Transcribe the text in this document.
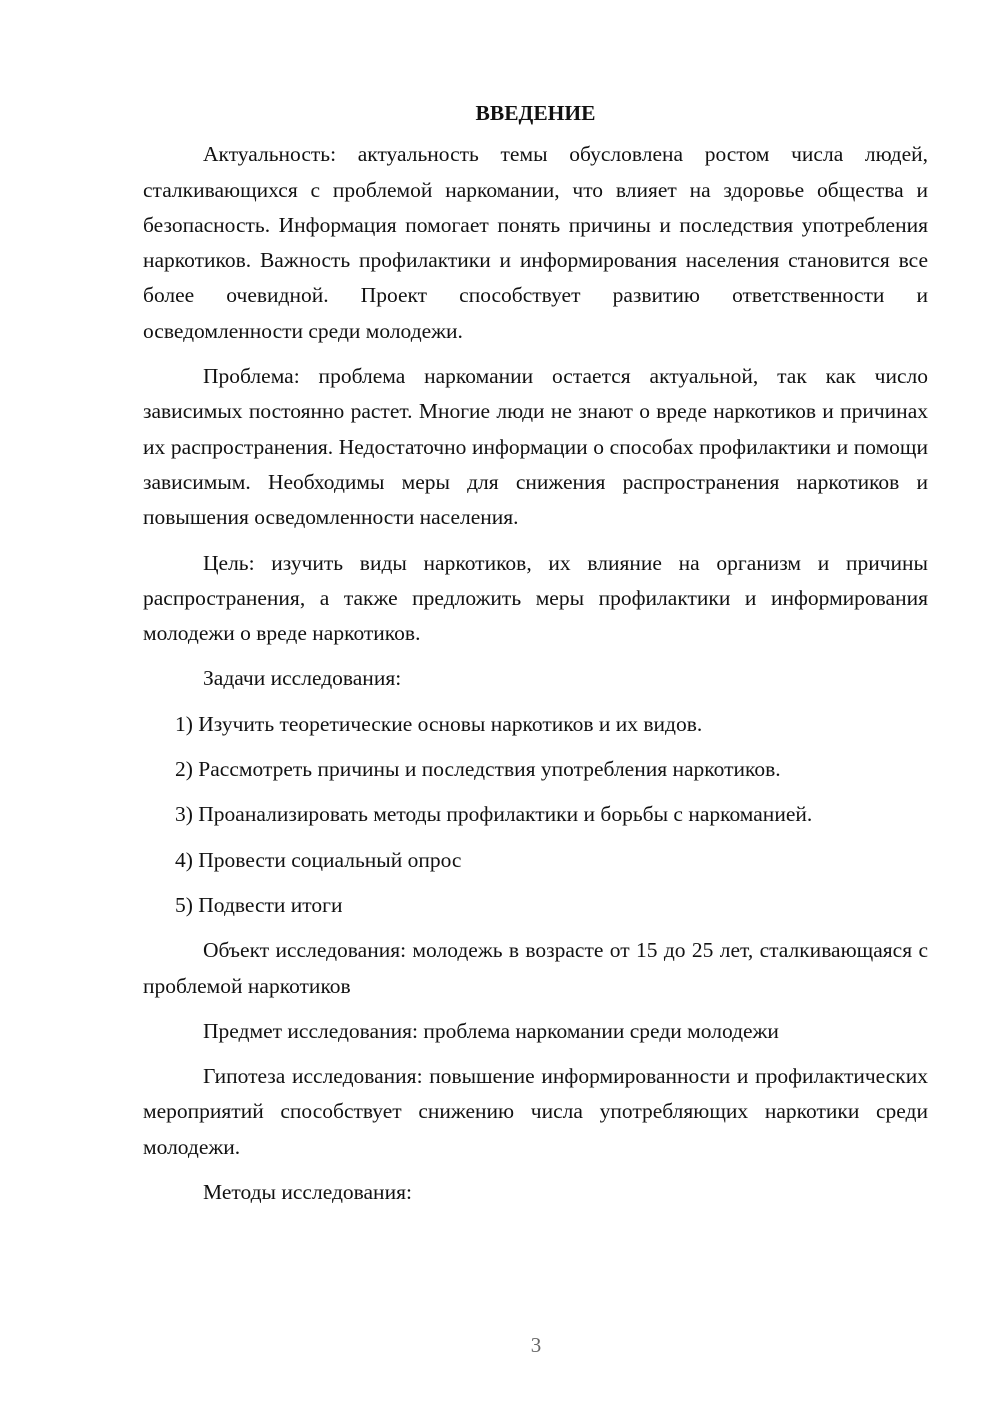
ВВЕДЕНИЕ

Актуальность: актуальность темы обусловлена ростом числа людей, сталкивающихся с проблемой наркомании, что влияет на здоровье общества и безопасность. Информация помогает понять причины и последствия употребления наркотиков. Важность профилактики и информирования населения становится все более очевидной. Проект способствует развитию ответственности и осведомленности среди молодежи.

Проблема: проблема наркомании остается актуальной, так как число зависимых постоянно растет. Многие люди не знают о вреде наркотиков и причинах их распространения. Недостаточно информации о способах профилактики и помощи зависимым. Необходимы меры для снижения распространения наркотиков и повышения осведомленности населения.

Цель: изучить виды наркотиков, их влияние на организм и причины распространения, а также предложить меры профилактики и информирования молодежи о вреде наркотиков.

Задачи исследования:

1) Изучить теоретические основы наркотиков и их видов.
2) Рассмотреть причины и последствия употребления наркотиков.
3) Проанализировать методы профилактики и борьбы с наркоманией.
4) Провести социальный опрос
5) Подвести итоги

Объект исследования: молодежь в возрасте от 15 до 25 лет, сталкивающаяся с проблемой наркотиков

Предмет исследования: проблема наркомании среди молодежи

Гипотеза исследования: повышение информированности и профилактических мероприятий способствует снижению числа употребляющих наркотики среди молодежи.

Методы исследования:

3
